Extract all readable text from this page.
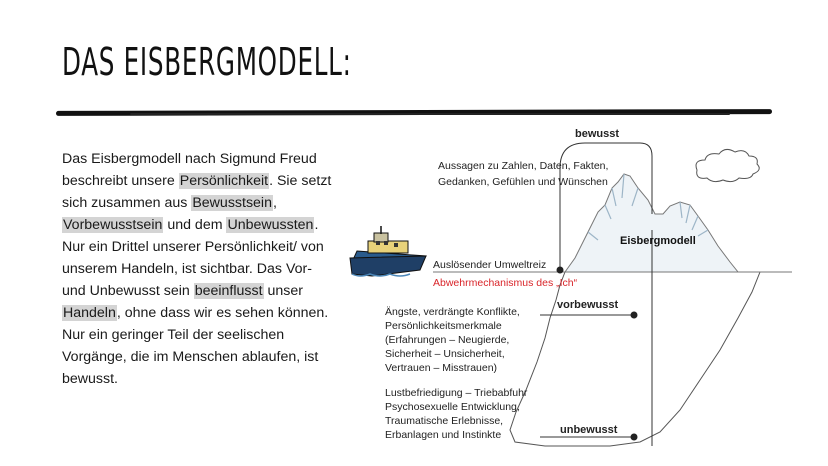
DAS EISBERGMODELL:
Das Eisbergmodell nach Sigmund Freud beschreibt unsere Persönlichkeit. Sie setzt sich zusammen aus Bewusstsein, Vorbewusstsein und dem Unbewussten.
Nur ein Drittel unserer Persönlichkeit/ von unserem Handeln, ist sichtbar. Das Vor- und Unbewusst sein beeinflusst unser Handeln, ohne dass wir es sehen können.
Nur ein geringer Teil der seelischen Vorgänge, die im Menschen ablaufen, ist bewusst.
bewusst
Aussagen zu Zahlen, Daten, Fakten,
Gedanken, Gefühlen und Wünschen
Eisbergmodell
Auslösender Umweltreiz
Abwehrmechanismus des „Ich“
vorbewusst
Ängste, verdrängte Konflikte,
Persönlichkeitsmerkmale
(Erfahrungen – Neugierde,
Sicherheit – Unsicherheit,
Vertrauen – Misstrauen)
Lustbefriedigung – Triebabfuhr
Psychosexuelle Entwicklung,
Traumatische Erlebnisse,
Erbanlagen und Instinkte	unbewusst
